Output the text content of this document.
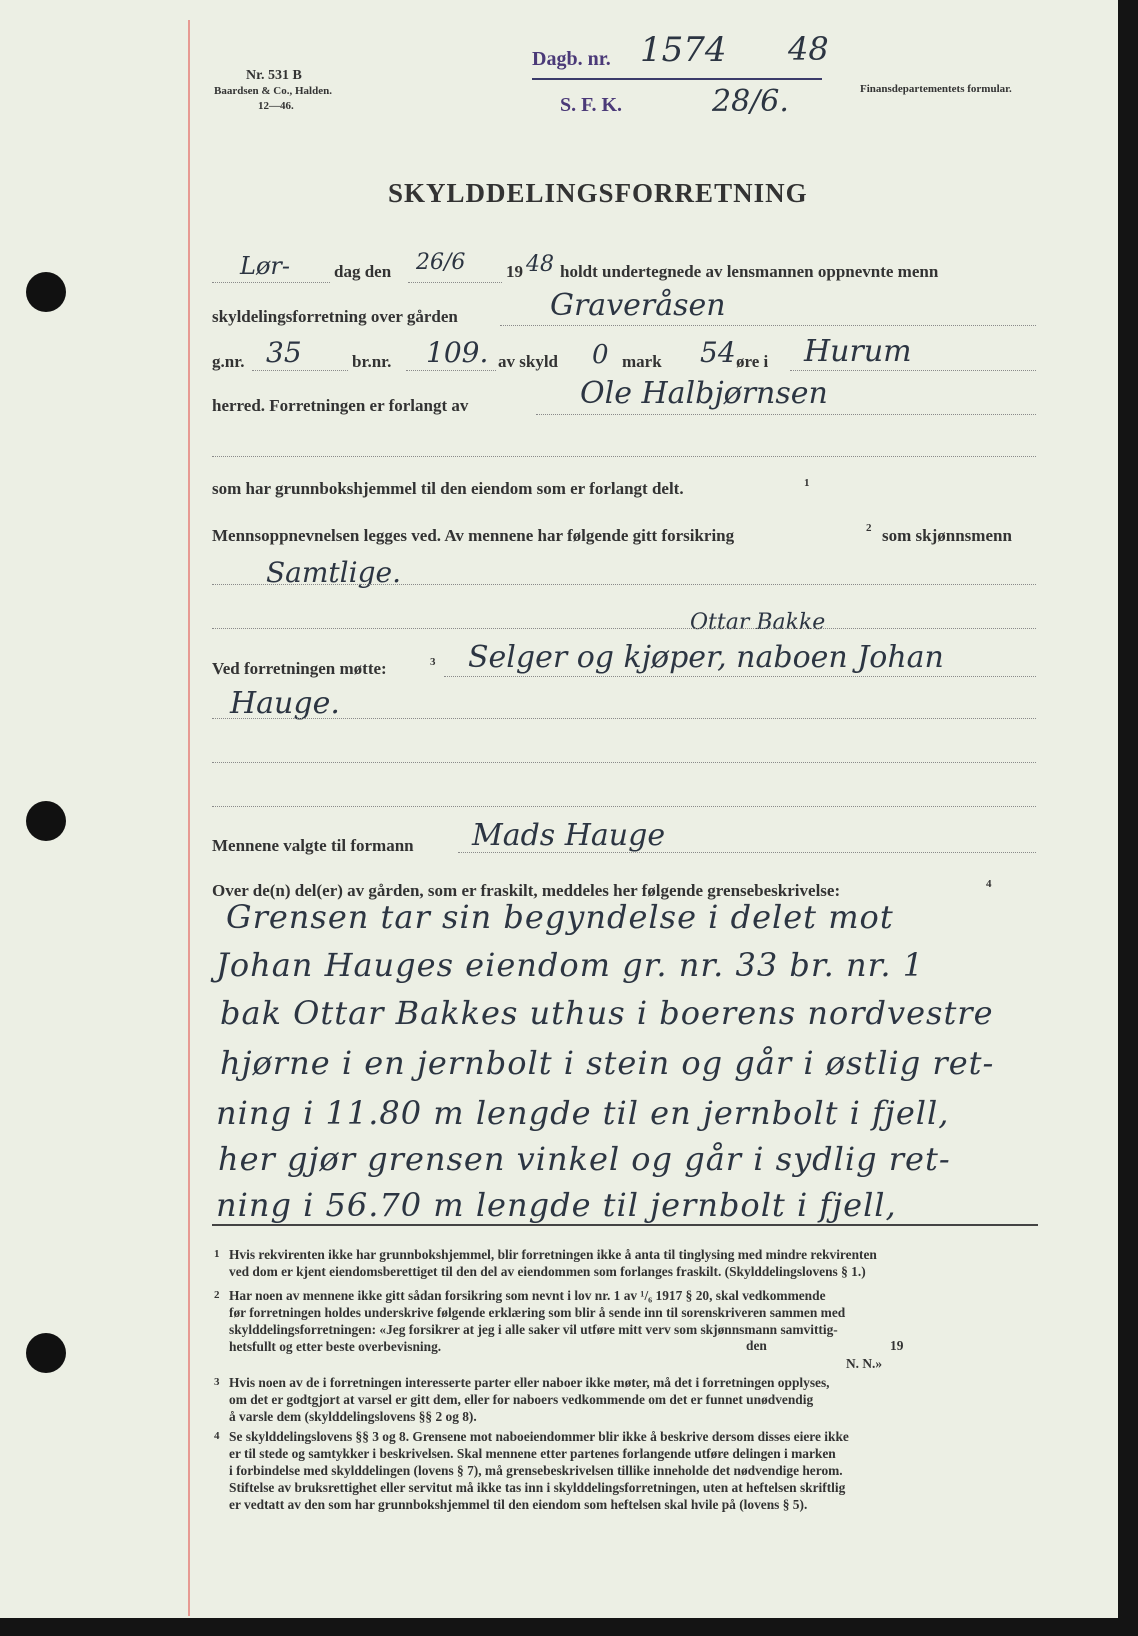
Nr. 531 B
Baardsen & Co., Halden.
12—46.
Finansdepartementets formular.
Dagb. nr. 1574 48
S. F. K.	28/6.
SKYLDDELINGSFORRETNING
Lør-	dag den 26/6 19 48 holdt undertegnede av lensmannen oppnevnte menn
skyldelingsforretning over gården	Graveråsen
g.nr. 35	br.nr. 109. av skyld 0 mark 54 øre i Hurum
herred. Forretningen er forlangt av	Ole Halbjørnsen
som har grunnbokshjemmel til den eiendom som er forlangt delt.	1
Mennsoppnevnelsen legges ved. Av mennene har følgende gitt forsikring	2 som skjønnsmenn
Samtlige.
Ottar Bakke
Ved forretningen møtte:	3 Selger og kjøper, naboen Johan
Hauge.
Mennene valgte til formann Mads Hauge
Over de(n) del(er) av gården, som er fraskilt, meddeles her følgende grensebeskrivelse:	4
Grensen tar sin begyndelse i delet mot
Johan Hauges eiendom gr. nr. 33 br. nr. 1
bak Ottar Bakkes uthus i boerens nordvestre
hjørne i en jernbolt i stein og går i østlig ret-
ning i 11.80 m lengde til en jernbolt i fjell,
her gjør grensen vinkel og går i sydlig ret-
ning i 56.70 m lengde til jernbolt i fjell,
1 Hvis rekvirenten ikke har grunnbokshjemmel, blir forretningen ikke å anta til tinglysing med mindre rekvirenten
ved dom er kjent eiendomsberettiget til den del av eiendommen som forlanges fraskilt. (Skylddelingslovens § 1.)
2 Har noen av mennene ikke gitt sådan forsikring som nevnt i lov nr. 1 av ¹/₆ 1917 § 20, skal vedkommende
før forretningen holdes underskrive følgende erklæring som blir å sende inn til sorenskriveren sammen med
skylddelingsforretningen: «Jeg forsikrer at jeg i alle saker vil utføre mitt verv som skjønnsmann samvittig-
hetsfullt og etter beste overbevisning.	den	19
N. N.»
3 Hvis noen av de i forretningen interesserte parter eller naboer ikke møter, må det i forretningen opplyses,
om det er godtgjort at varsel er gitt dem, eller for naboers vedkommende om det er funnet unødvendig
å varsle dem (skylddelingslovens §§ 2 og 8).
4 Se skylddelingslovens §§ 3 og 8. Grensene mot naboeiendommer blir ikke å beskrive dersom disses eiere ikke
er til stede og samtykker i beskrivelsen. Skal mennene etter partenes forlangende utføre delingen i marken
i forbindelse med skylddelingen (lovens § 7), må grensebeskrivelsen tillike inneholde det nødvendige herom.
Stiftelse av bruksrettighet eller servitut må ikke tas inn i skylddelingsforretningen, uten at heftelsen skriftlig
er vedtatt av den som har grunnbokshjemmel til den eiendom som heftelsen skal hvile på (lovens § 5).
